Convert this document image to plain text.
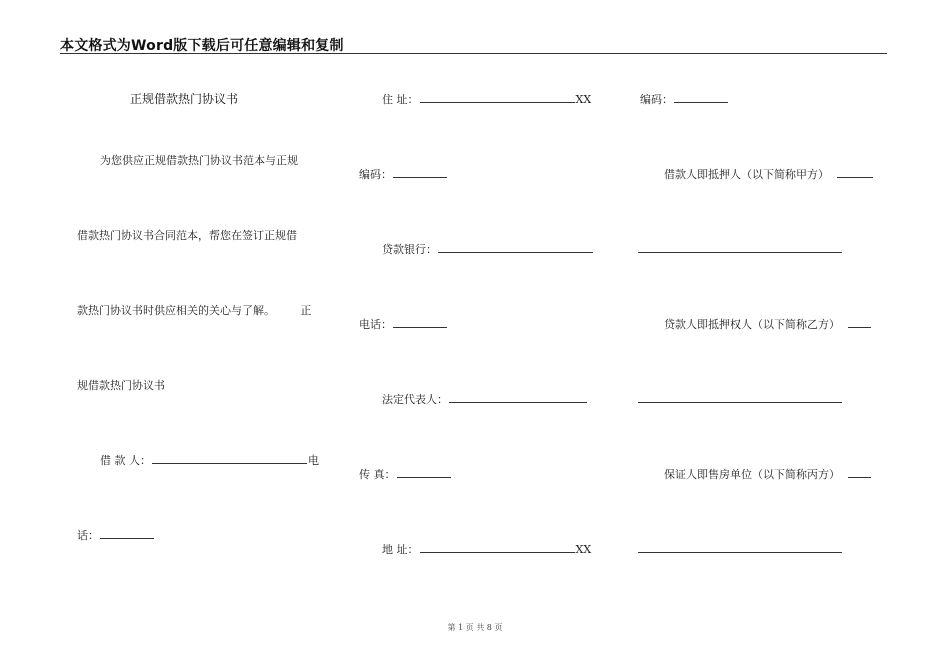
本文格式为Word版下载后可任意编辑和复制
正规借款热门协议书
为您供应正规借款热门协议书范本与正规
借款热门协议书合同范本，帮您在签订正规借
款热门协议书时供应相关的关心与了解。 正
规借款热门协议书
借 款 人：	电
话：
住 址：	XX
编码：
贷款银行：
电话：
法定代表人：
传 真：
地 址：	XX
编码：
借款人即抵押人（以下简称甲方）
贷款人即抵押权人（以下简称乙方）
保证人即售房单位（以下简称丙方）
第 1 页 共 8 页
